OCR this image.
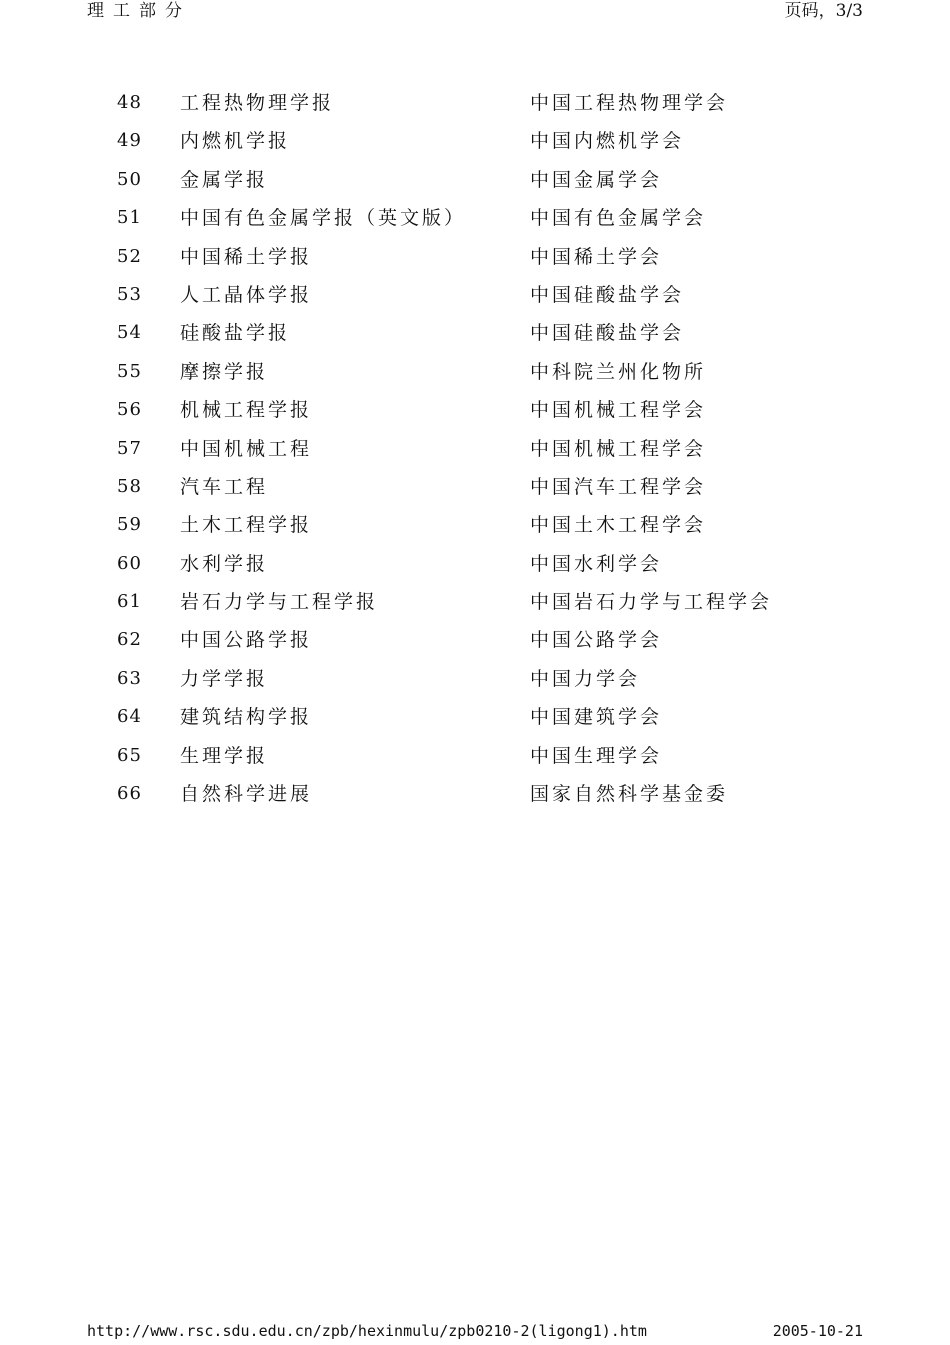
理工部分	页码，3/3
48 工程热物理学报	中国工程热物理学会
49 内燃机学报	中国内燃机学会
50 金属学报	中国金属学会
51 中国有色金属学报（英文版）	中国有色金属学会
52 中国稀土学报	中国稀土学会
53 人工晶体学报	中国硅酸盐学会
54 硅酸盐学报	中国硅酸盐学会
55 摩擦学报	中科院兰州化物所
56 机械工程学报	中国机械工程学会
57 中国机械工程	中国机械工程学会
58 汽车工程	中国汽车工程学会
59 土木工程学报	中国土木工程学会
60 水利学报	中国水利学会
61 岩石力学与工程学报	中国岩石力学与工程学会
62 中国公路学报	中国公路学会
63 力学学报	中国力学会
64 建筑结构学报	中国建筑学会
65 生理学报	中国生理学会
66 自然科学进展	国家自然科学基金委
http://www.rsc.sdu.edu.cn/zpb/hexinmulu/zpb0210-2(ligong1).htm	2005-10-21
